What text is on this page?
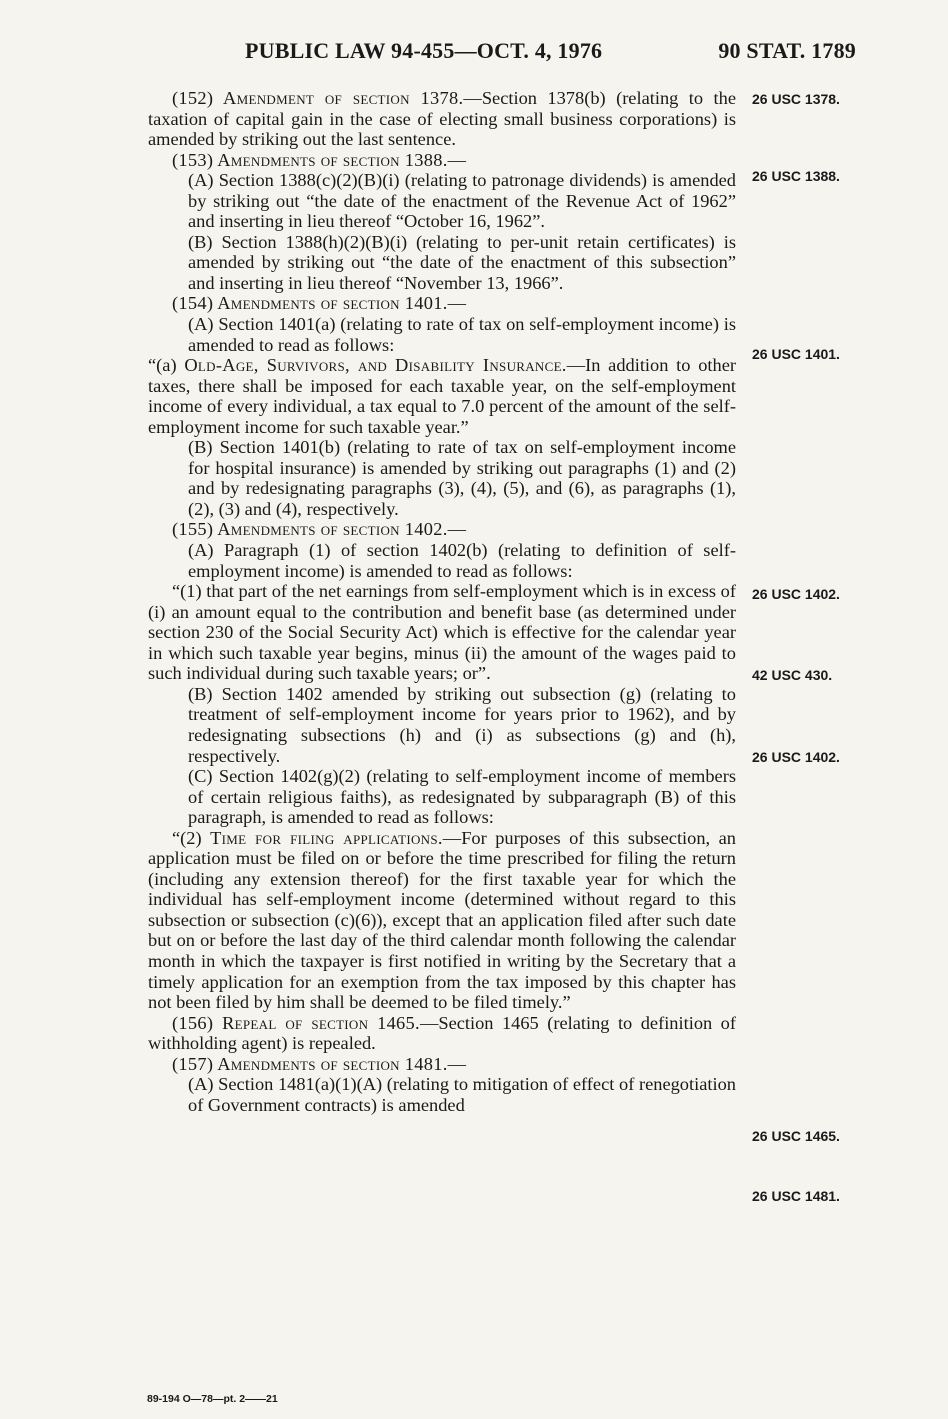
PUBLIC LAW 94-455—OCT. 4, 1976	90 STAT. 1789

(152) Amendment of section 1378.—Section 1378(b) (relating to the taxation of capital gain in the case of electing small business corporations) is amended by striking out the last sentence.

(153) Amendments of section 1388.—

(A) Section 1388(c)(2)(B)(i) (relating to patronage dividends) is amended by striking out “the date of the enactment of the Revenue Act of 1962” and inserting in lieu thereof “October 16, 1962”.

(B) Section 1388(h)(2)(B)(i) (relating to per-unit retain certificates) is amended by striking out “the date of the enactment of this subsection” and inserting in lieu thereof “November 13, 1966”.

(154) Amendments of section 1401.—

(A) Section 1401(a) (relating to rate of tax on self-employment income) is amended to read as follows:

“(a) Old-Age, Survivors, and Disability Insurance.—In addition to other taxes, there shall be imposed for each taxable year, on the self-employment income of every individual, a tax equal to 7.0 percent of the amount of the self-employment income for such taxable year.”

(B) Section 1401(b) (relating to rate of tax on self-employment income for hospital insurance) is amended by striking out paragraphs (1) and (2) and by redesignating paragraphs (3), (4), (5), and (6), as paragraphs (1), (2), (3) and (4), respectively.

(155) Amendments of section 1402.—

(A) Paragraph (1) of section 1402(b) (relating to definition of self-employment income) is amended to read as follows:

“(1) that part of the net earnings from self-employment which is in excess of (i) an amount equal to the contribution and benefit base (as determined under section 230 of the Social Security Act) which is effective for the calendar year in which such taxable year begins, minus (ii) the amount of the wages paid to such individual during such taxable years; or”.

(B) Section 1402 amended by striking out subsection (g) (relating to treatment of self-employment income for years prior to 1962), and by redesignating subsections (h) and (i) as subsections (g) and (h), respectively.

(C) Section 1402(g)(2) (relating to self-employment income of members of certain religious faiths), as redesignated by subparagraph (B) of this paragraph, is amended to read as follows:

“(2) Time for filing applications.—For purposes of this subsection, an application must be filed on or before the time prescribed for filing the return (including any extension thereof) for the first taxable year for which the individual has self-employment income (determined without regard to this subsection or subsection (c)(6)), except that an application filed after such date but on or before the last day of the third calendar month following the calendar month in which the taxpayer is first notified in writing by the Secretary that a timely application for an exemption from the tax imposed by this chapter has not been filed by him shall be deemed to be filed timely.”

(156) Repeal of section 1465.—Section 1465 (relating to definition of withholding agent) is repealed.

(157) Amendments of section 1481.—

(A) Section 1481(a)(1)(A) (relating to mitigation of effect of renegotiation of Government contracts) is amended

26 USC 1378.
26 USC 1388.
26 USC 1401.
26 USC 1402.
42 USC 430.
26 USC 1402.
26 USC 1465.
26 USC 1481.
89-194 O—78—pt. 2——21
